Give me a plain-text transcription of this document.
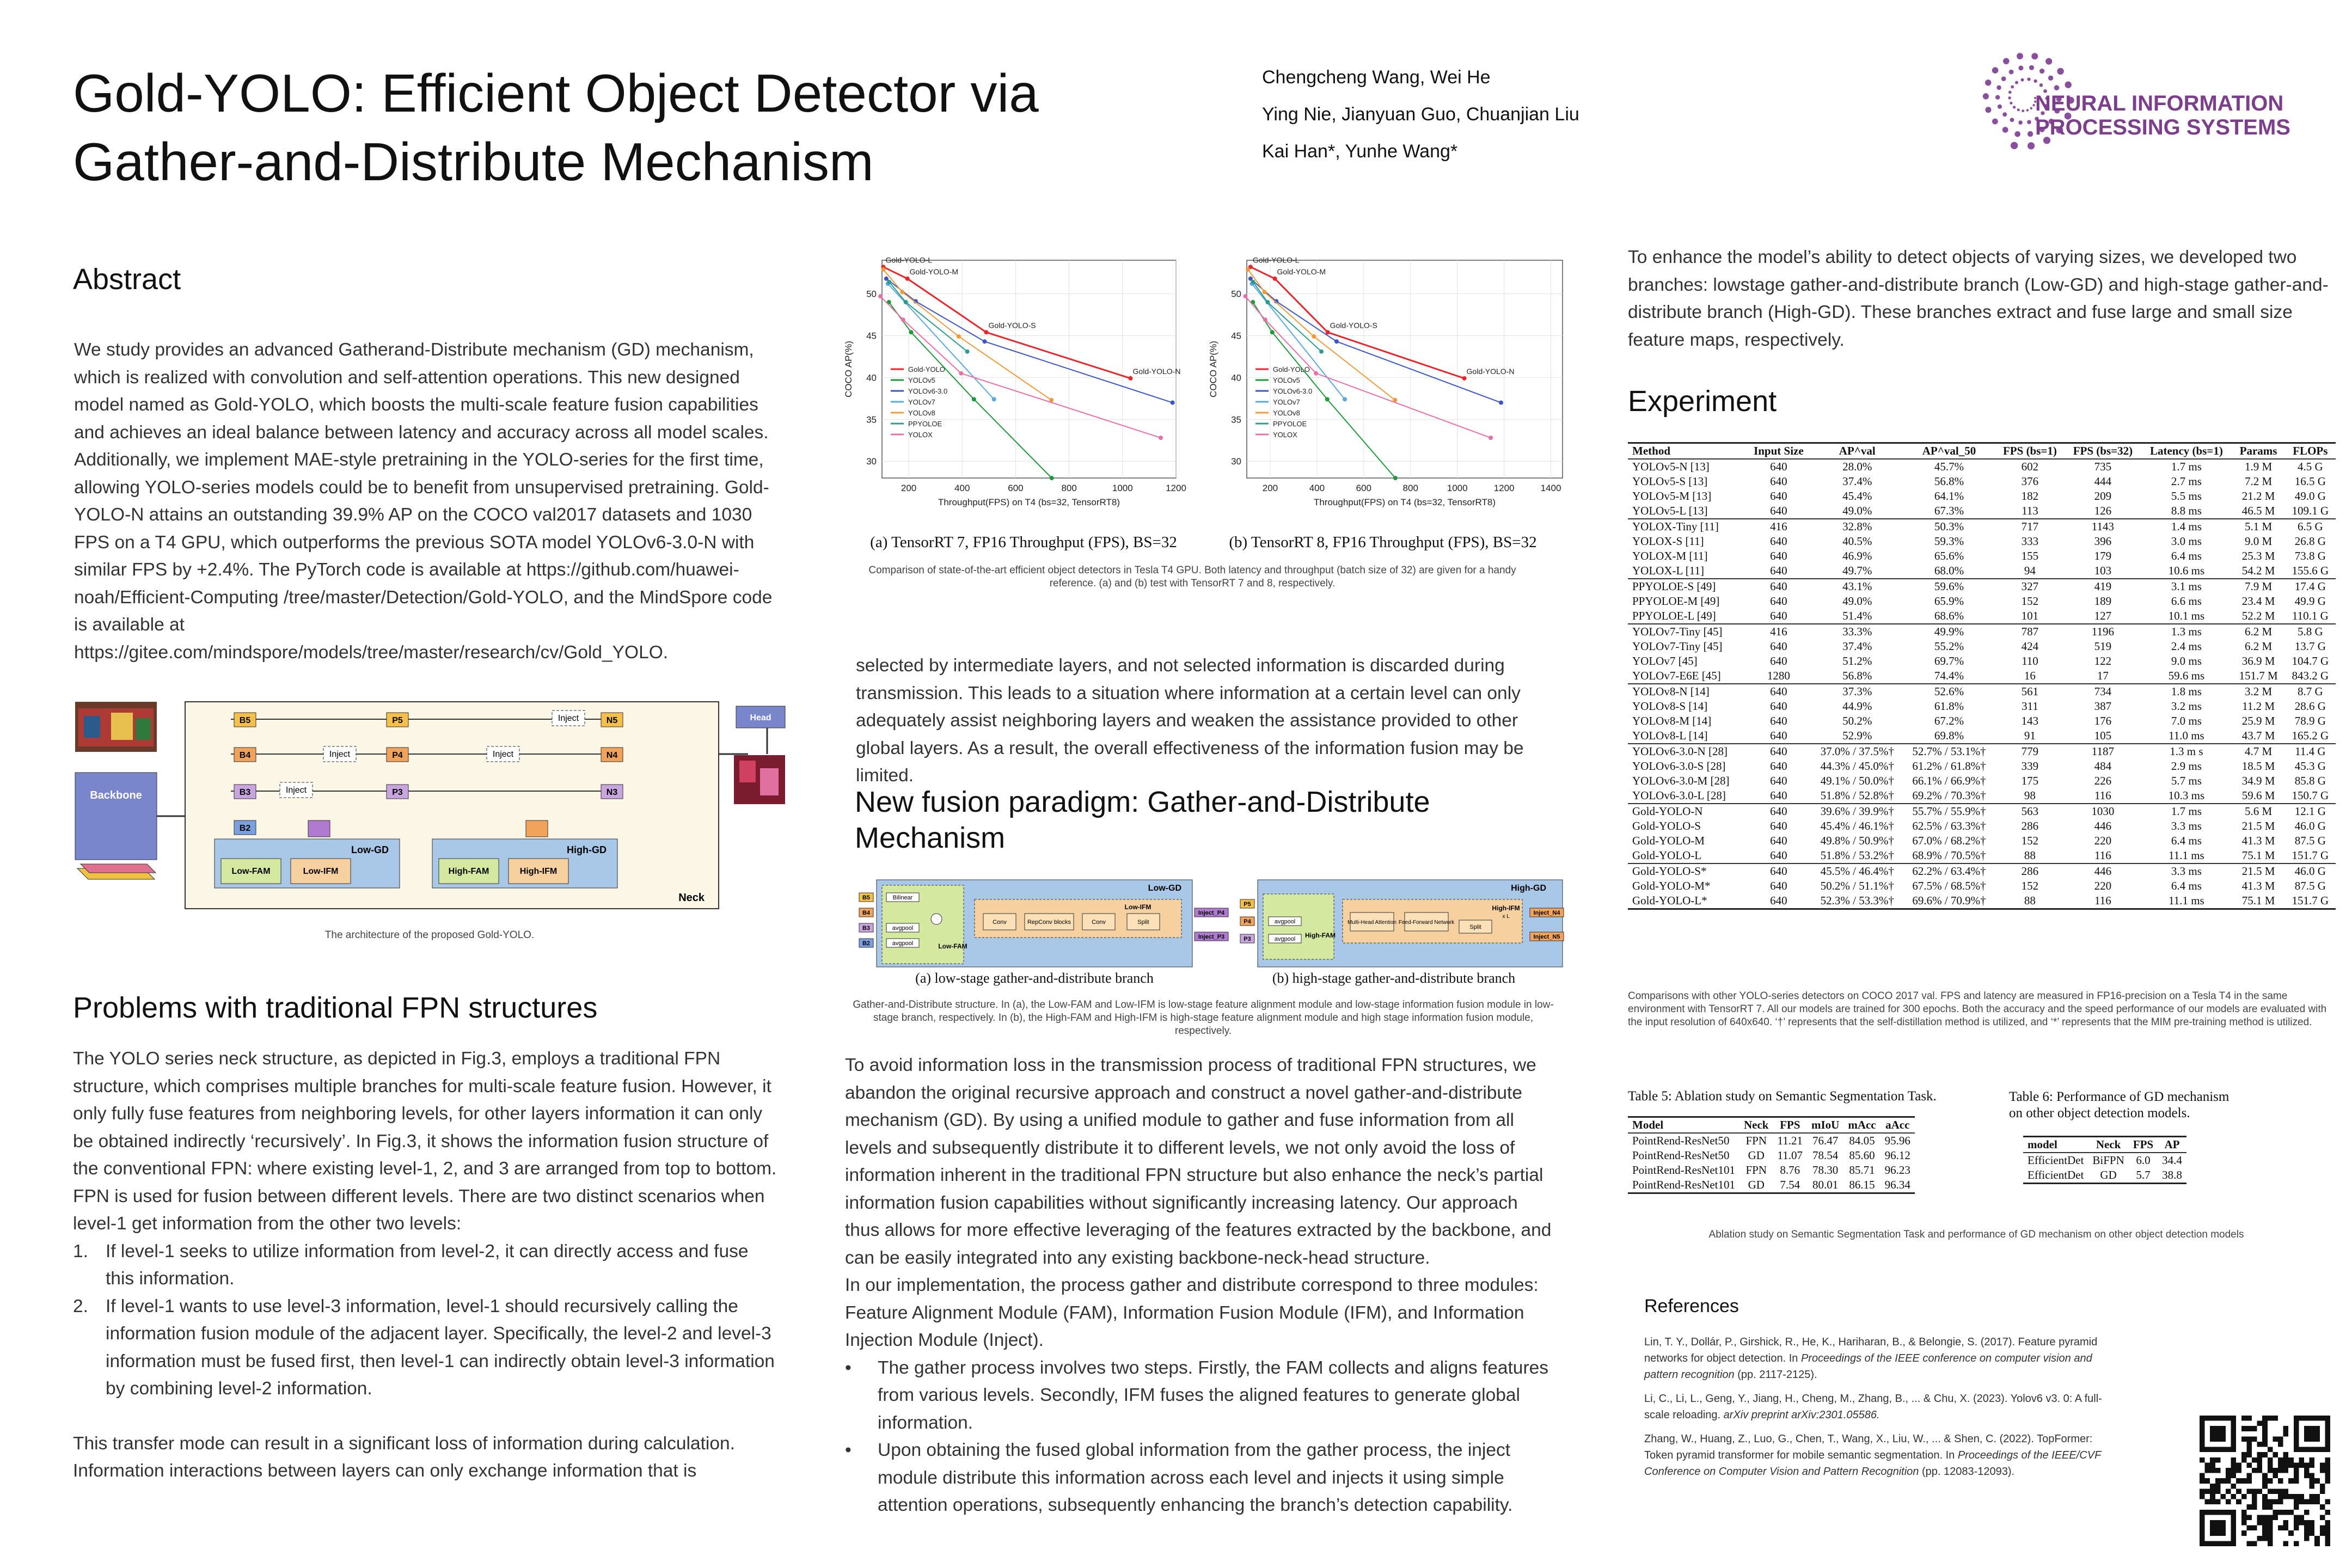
Gold-YOLO: Efficient Object Detector via
Gather-and-Distribute Mechanism
Chengcheng Wang, Wei He
Ying Nie, Jianyuan Guo, Chuanjian Liu
Kai Han*, Yunhe Wang*
NEURAL INFORMATION
PROCESSING SYSTEMS
Abstract
We study provides an advanced Gatherand-Distribute mechanism (GD) mechanism, which is realized with convolution and self-attention operations. This new designed model named as Gold-YOLO, which boosts the multi-scale feature fusion capabilities and achieves an ideal balance between latency and accuracy across all model scales. Additionally, we implement MAE-style pretraining in the YOLO-series for the first time, allowing YOLO-series models could be to benefit from unsupervised pretraining. Gold-YOLO-N attains an outstanding 39.9% AP on the COCO val2017 datasets and 1030 FPS on a T4 GPU, which outperforms the previous SOTA model YOLOv6-3.0-N with similar FPS by +2.4%. The PyTorch code is available at https://github.com/huawei-noah/Efficient-Computing /tree/master/Detection/Gold-YOLO, and the MindSpore code is available at https://gitee.com/mindspore/models/tree/master/research/cv/Gold_YOLO.
Backbone
Neck
B5
B4
B3
B2
P5
P4
P3
N5
N4
N3
Inject
Inject
Inject
Inject
Low-GD
Low-FAM	Low-IFM
High-GD
High-FAM	High-IFM
Head
The architecture of the proposed Gold-YOLO.
Problems with traditional FPN structures
The YOLO series neck structure, as depicted in Fig.3, employs a traditional FPN structure, which comprises multiple branches for multi-scale feature fusion. However, it only fully fuse features from neighboring levels, for other layers information it can only be obtained indirectly ‘recursively’. In Fig.3, it shows the information fusion structure of the conventional FPN: where existing level-1, 2, and 3 are arranged from top to bottom. FPN is used for fusion between different levels. There are two distinct scenarios when level-1 get information from the other two levels:
1. If level-1 seeks to utilize information from level-2, it can directly access and fuse this information.
2. If level-1 wants to use level-3 information, level-1 should recursively calling the information fusion module of the adjacent layer. Specifically, the level-2 and level-3 information must be fused first, then level-1 can indirectly obtain level-3 information by combining level-2 information.
This transfer mode can result in a significant loss of information during calculation. Information interactions between layers can only exchange information that is
200	400	600	800	1000	1200
30
35
40
45
50
Throughput(FPS) on T4 (bs=32, TensorRT8)
COCO AP(%)
Gold-YOLO-L
Gold-YOLO-M
Gold-YOLO-S
Gold-YOLO-N
Gold-YOLO
YOLOv5
YOLOv6-3.0
YOLOv7
YOLOv8
PPYOLOE
YOLOX
200	400	600	800	1000	1200	1400
30
35
40
45
50
Throughput(FPS) on T4 (bs=32, TensorRT8)
COCO AP(%)
Gold-YOLO-L
Gold-YOLO-M
Gold-YOLO-S
Gold-YOLO-N
Gold-YOLO
YOLOv5
YOLOv6-3.0
YOLOv7
YOLOv8
PPYOLOE
YOLOX
(a) TensorRT 7, FP16 Throughput (FPS), BS=32	(b) TensorRT 8, FP16 Throughput (FPS), BS=32
Comparison of state-of-the-art efficient object detectors in Tesla T4 GPU. Both latency and throughput (batch size of 32) are given for a handy reference. (a) and (b) test with TensorRT 7 and 8, respectively.
selected by intermediate layers, and not selected information is discarded during transmission. This leads to a situation where information at a certain level can only adequately assist neighboring layers and weaken the assistance provided to other global layers. As a result, the overall effectiveness of the information fusion may be limited.
New fusion paradigm: Gather-and-Distribute
Mechanism
Low-GD
B5
B4
B3
B2
Bilinear
avgpool
avgpool	Low-FAM
Low-IFM
Conv	RepConv blocks	Conv	Split
Inject_P4
Inject_P3
High-GD
P5
P4
P3
avgpool
avgpool High-FAM
High-IFM
x L
Multi-Head Attention Feed-Forward Network
Split
Inject_N4
Inject_N5
(a) low-stage gather-and-distribute branch	(b) high-stage gather-and-distribute branch
Gather-and-Distribute structure. In (a), the Low-FAM and Low-IFM is low-stage feature alignment module and low-stage information fusion module in low-stage branch, respectively. In (b), the High-FAM and High-IFM is high-stage feature alignment module and high stage information fusion module, respectively.
To avoid information loss in the transmission process of traditional FPN structures, we abandon the original recursive approach and construct a novel gather-and-distribute mechanism (GD). By using a unified module to gather and fuse information from all levels and subsequently distribute it to different levels, we not only avoid the loss of information inherent in the traditional FPN structure but also enhance the neck’s partial information fusion capabilities without significantly increasing latency. Our approach thus allows for more effective leveraging of the features extracted by the backbone, and can be easily integrated into any existing backbone-neck-head structure.
In our implementation, the process gather and distribute correspond to three modules: Feature Alignment Module (FAM), Information Fusion Module (IFM), and Information Injection Module (Inject).
• The gather process involves two steps. Firstly, the FAM collects and aligns features from various levels. Secondly, IFM fuses the aligned features to generate global information.
• Upon obtaining the fused global information from the gather process, the inject module distribute this information across each level and injects it using simple attention operations, subsequently enhancing the branch’s detection capability.
To enhance the model’s ability to detect objects of varying sizes, we developed two branches: lowstage gather-and-distribute branch (Low-GD) and high-stage gather-and-distribute branch (High-GD). These branches extract and fuse large and small size feature maps, respectively.
Experiment
Method	Input Size	AP^val	AP^val_50	FPS (bs=1)	FPS (bs=32)	Latency (bs=1)	Params	FLOPs
YOLOv5-N [13]	640	28.0%	45.7%	602	735	1.7 ms	1.9 M	4.5 G
YOLOv5-S [13]	640	37.4%	56.8%	376	444	2.7 ms	7.2 M	16.5 G
YOLOv5-M [13]	640	45.4%	64.1%	182	209	5.5 ms	21.2 M	49.0 G
YOLOv5-L [13]	640	49.0%	67.3%	113	126	8.8 ms	46.5 M	109.1 G
YOLOX-Tiny [11]	416	32.8%	50.3%	717	1143	1.4 ms	5.1 M	6.5 G
YOLOX-S [11]	640	40.5%	59.3%	333	396	3.0 ms	9.0 M	26.8 G
YOLOX-M [11]	640	46.9%	65.6%	155	179	6.4 ms	25.3 M	73.8 G
YOLOX-L [11]	640	49.7%	68.0%	94	103	10.6 ms	54.2 M	155.6 G
PPYOLOE-S [49]	640	43.1%	59.6%	327	419	3.1 ms	7.9 M	17.4 G
PPYOLOE-M [49]	640	49.0%	65.9%	152	189	6.6 ms	23.4 M	49.9 G
PPYOLOE-L [49]	640	51.4%	68.6%	101	127	10.1 ms	52.2 M	110.1 G
YOLOv7-Tiny [45]	416	33.3%	49.9%	787	1196	1.3 ms	6.2 M	5.8 G
YOLOv7-Tiny [45]	640	37.4%	55.2%	424	519	2.4 ms	6.2 M	13.7 G
YOLOv7 [45]	640	51.2%	69.7%	110	122	9.0 ms	36.9 M	104.7 G
YOLOv7-E6E [45]	1280	56.8%	74.4%	16	17	59.6 ms	151.7 M	843.2 G
YOLOv8-N [14]	640	37.3%	52.6%	561	734	1.8 ms	3.2 M	8.7 G
YOLOv8-S [14]	640	44.9%	61.8%	311	387	3.2 ms	11.2 M	28.6 G
YOLOv8-M [14]	640	50.2%	67.2%	143	176	7.0 ms	25.9 M	78.9 G
YOLOv8-L [14]	640	52.9%	69.8%	91	105	11.0 ms	43.7 M	165.2 G
YOLOv6-3.0-N [28]	640	37.0% / 37.5%†	52.7% / 53.1%†	779	1187	1.3 m s	4.7 M	11.4 G
YOLOv6-3.0-S [28]	640	44.3% / 45.0%†	61.2% / 61.8%†	339	484	2.9 ms	18.5 M	45.3 G
YOLOv6-3.0-M [28]	640	49.1% / 50.0%†	66.1% / 66.9%†	175	226	5.7 ms	34.9 M	85.8 G
YOLOv6-3.0-L [28]	640	51.8% / 52.8%†	69.2% / 70.3%†	98	116	10.3 ms	59.6 M	150.7 G
Gold-YOLO-N	640	39.6% / 39.9%†	55.7% / 55.9%†	563	1030	1.7 ms	5.6 M	12.1 G
Gold-YOLO-S	640	45.4% / 46.1%†	62.5% / 63.3%†	286	446	3.3 ms	21.5 M	46.0 G
Gold-YOLO-M	640	49.8% / 50.9%†	67.0% / 68.2%†	152	220	6.4 ms	41.3 M	87.5 G
Gold-YOLO-L	640	51.8% / 53.2%†	68.9% / 70.5%†	88	116	11.1 ms	75.1 M	151.7 G
Gold-YOLO-S*	640	45.5% / 46.4%†	62.2% / 63.4%†	286	446	3.3 ms	21.5 M	46.0 G
Gold-YOLO-M*	640	50.2% / 51.1%†	67.5% / 68.5%†	152	220	6.4 ms	41.3 M	87.5 G
Gold-YOLO-L*	640	52.3% / 53.3%†	69.6% / 70.9%†	88	116	11.1 ms	75.1 M	151.7 G
Comparisons with other YOLO-series detectors on COCO 2017 val. FPS and latency are measured in FP16-precision on a Tesla T4 in the same environment with TensorRT 7. All our models are trained for 300 epochs. Both the accuracy and the speed performance of our models are evaluated with the input resolution of 640x640. ‘†’ represents that the self-distillation method is utilized, and ‘*’ represents that the MIM pre-training method is utilized.
Table 5: Ablation study on Semantic Segmentation Task.
Model	Neck	FPS	mIoU	mAcc	aAcc
PointRend-ResNet50	FPN	11.21	76.47	84.05	95.96
PointRend-ResNet50	GD	11.07	78.54	85.60	96.12
PointRend-ResNet101	FPN	8.76	78.30	85.71	96.23
PointRend-ResNet101	GD	7.54	80.01	86.15	96.34
Table 6: Performance of GD mechanism
on other object detection models.
model	Neck	FPS	AP
EfficientDet	BiFPN	6.0	34.4
EfficientDet	GD	5.7	38.8
Ablation study on Semantic Segmentation Task and performance of GD mechanism on other object detection models
References
Lin, T. Y., Dollár, P., Girshick, R., He, K., Hariharan, B., & Belongie, S. (2017). Feature pyramid networks for object detection. In Proceedings of the IEEE conference on computer vision and pattern recognition (pp. 2117-2125).
Li, C., Li, L., Geng, Y., Jiang, H., Cheng, M., Zhang, B., ... & Chu, X. (2023). Yolov6 v3. 0: A full-scale reloading. arXiv preprint arXiv:2301.05586.
Zhang, W., Huang, Z., Luo, G., Chen, T., Wang, X., Liu, W., ... & Shen, C. (2022). TopFormer: Token pyramid transformer for mobile semantic segmentation. In Proceedings of the IEEE/CVF Conference on Computer Vision and Pattern Recognition (pp. 12083-12093).
